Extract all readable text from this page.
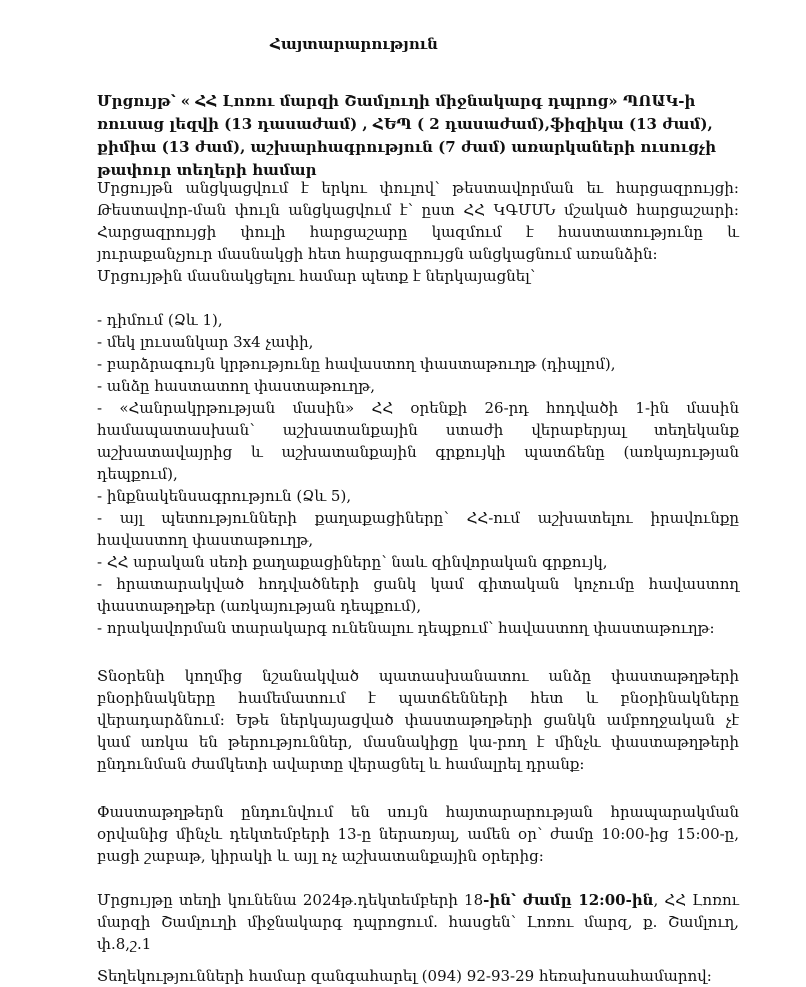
Հայտարարություն
Մրցույթ՝ « ՀՀ Լոռու մարզի Շամլուղի միջնակարգ դպրոց» ՊՈԱԿ-ի ռուսաց լեզվի (13 դասաժամ) , ՀԵՊ ( 2 դասաժամ),ֆիզիկա (13 ժամ), քիմիա (13 ժամ), աշխարհագրություն (7 ժամ) առարկաների ուսուցչի թափուր տեղերի համար

Մրցույթն անցկացվում է երկու փուլով՝ թեստավորման եւ հարցազրույցի: Թեստավոր-ման փուլն անցկացվում է՝ ըստ ՀՀ ԿԳՄՍՆ մշակած հարցաշարի: Հարցազրույցի փուլի հարցաշարը կազմում է հաստատությունը և յուրաքանչյուր մասնակցի հետ հարցազրույցն անցկացնում առանձին:

Մրցույթին մասնակցելու համար պետք է ներկայացնել՝

- դիմում (Ձև 1),
- մեկ լուսանկար 3x4 չափի,
- բարձրագույն կրթությունը հավաստող փաստաթուղթ (դիպլոմ),
- անձը հաստատող փաստաթուղթ,
- «Հանրակրթության մասին» ՀՀ օրենքի 26-րդ հոդվածի 1-ին մասին համապատասխան՝ աշխատանքային ստաժի վերաբերյալ տեղեկանք աշխատավայրից և աշխատանքային գրքույկի պատճենը (առկայության դեպքում),
- ինքնակենսագրություն (Ձև 5),
- այլ պետությունների քաղաքացիները՝ ՀՀ-ում աշխատելու իրավունքը հավաստող փաստաթուղթ,
- ՀՀ արական սեռի քաղաքացիները՝ նաև զինվորական գրքույկ,
- հրատարակված հոդվածների ցանկ կամ գիտական կոչումը հավաստող փաստաթղթեր (առկայության դեպքում),
- որակավորման տարակարգ ունենալու դեպքում՝ հավաստող փաստաթուղթ:

Տնօրենի կողմից նշանակված պատասխանատու անձը փաստաթղթերի բնօրինակները համեմատում է պատճենների հետ և բնօրինակները վերադարձնում: Եթե ներկայացված փաստաթղթերի ցանկն ամբողջական չէ կամ առկա են թերություններ, մասնակիցը կա-րող է մինչև փաստաթղթերի ընդունման ժամկետի ավարտը վերացնել և համալրել դրանք:

Փաստաթղթերն ընդունվում են սույն հայտարարության հրապարակման օրվանից մինչև դեկտեմբերի 13-ը ներառյալ, ամեն օր՝ ժամը 10:00-ից 15:00-ը, բացի շաբաթ, կիրակի և այլ ոչ աշխատանքային օրերից:

Մրցույթը տեղի կունենա 2024թ.դեկտեմբերի 18-ին՝ ժամը 12:00-ին, ՀՀ Լոռու մարզի Շամլուղի միջնակարգ դպրոցում. հասցեն՝ Լոռու մարզ, ք. Շամլուղ, փ.8,շ.1

Տեղեկությունների համար զանգահարել (094) 92-93-29 հեռախոսահամարով:
